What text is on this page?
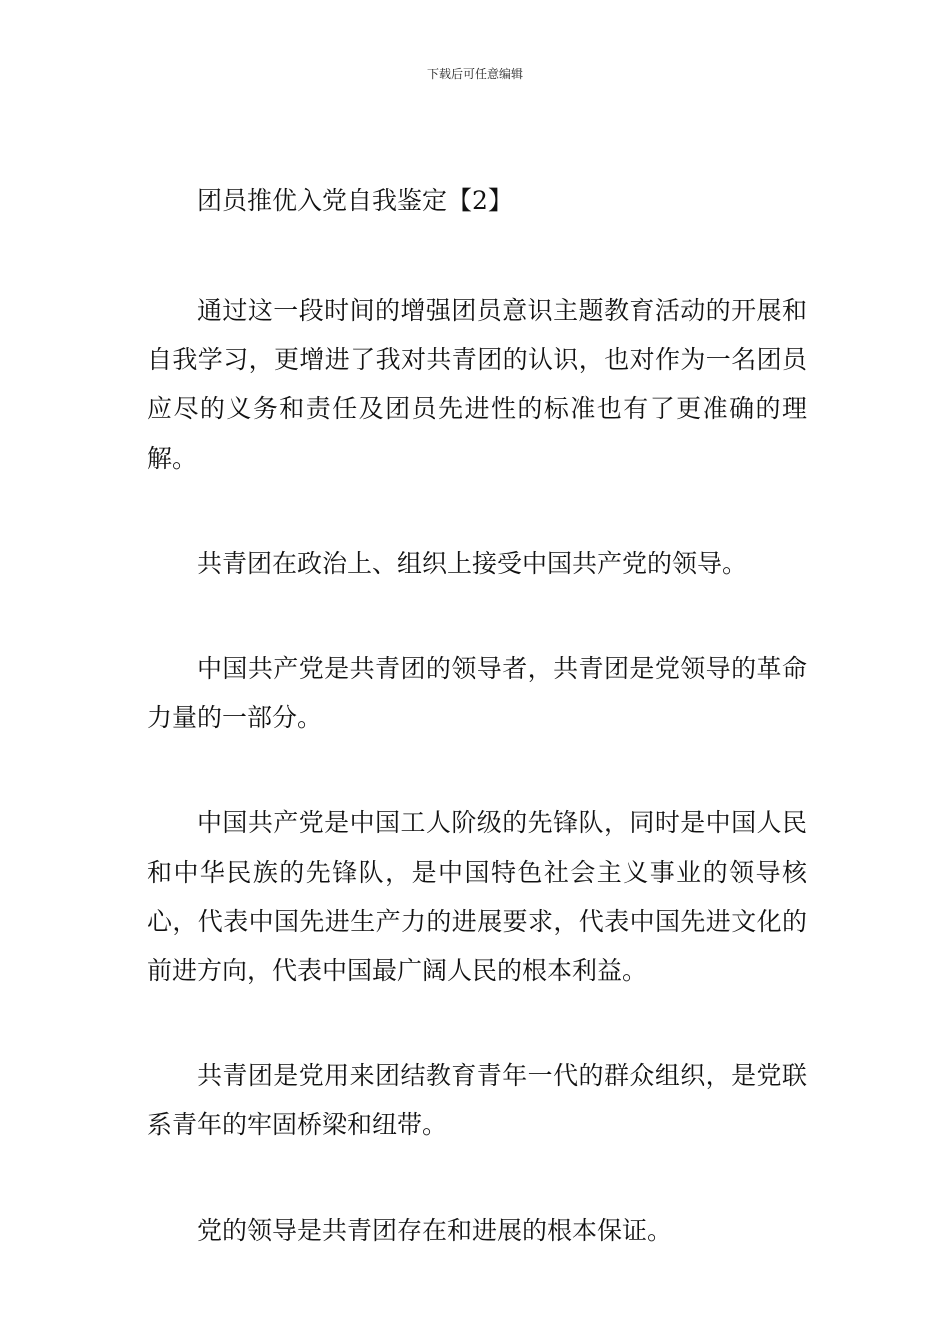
下载后可任意编辑
团员推优入党自我鉴定【2】

通过这一段时间的增强团员意识主题教育活动的开展和自我学习，更增进了我对共青团的认识，也对作为一名团员应尽的义务和责任及团员先进性的标准也有了更准确的理解。

共青团在政治上、组织上接受中国共产党的领导。

中国共产党是共青团的领导者，共青团是党领导的革命力量的一部分。

中国共产党是中国工人阶级的先锋队，同时是中国人民和中华民族的先锋队，是中国特色社会主义事业的领导核心，代表中国先进生产力的进展要求，代表中国先进文化的前进方向，代表中国最广阔人民的根本利益。

共青团是党用来团结教育青年一代的群众组织，是党联系青年的牢固桥梁和纽带。

党的领导是共青团存在和进展的根本保证。
